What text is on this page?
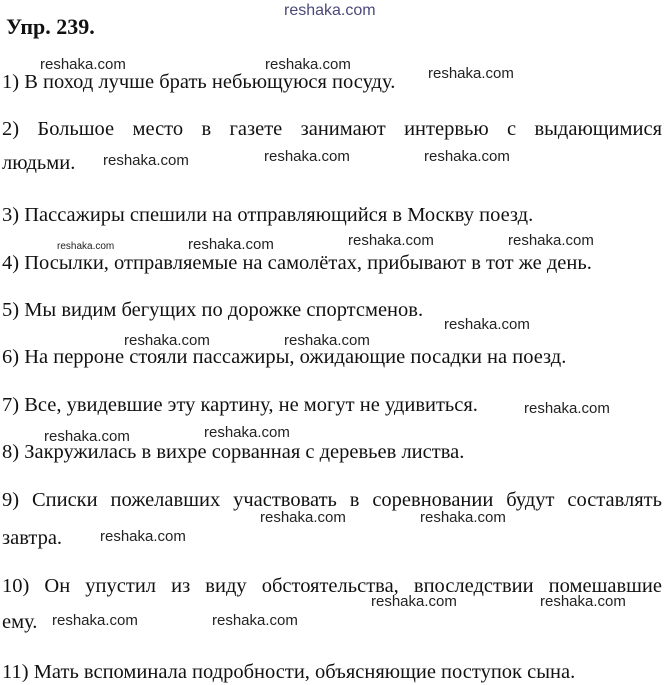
reshaka.com
Упр. 239.
reshaka.com	reshaka.com
reshaka.com
reshaka.com	reshaka.com	reshaka.com
reshaka.com	reshaka.com	reshaka.com	reshaka.com
reshaka.com
reshaka.com	reshaka.com
reshaka.com
reshaka.com	reshaka.com
reshaka.com	reshaka.com
reshaka.com
reshaka.com	reshaka.com
reshaka.com	reshaka.com

1) В поход лучше брать небьющуюся посуду.

2) Большое место в газете занимают интервью с выдающимися

людьми.

3) Пассажиры спешили на отправляющийся в Москву поезд.

4) Посылки, отправляемые на самолётах, прибывают в тот же день.

5) Мы видим бегущих по дорожке спортсменов.

6) На перроне стояли пассажиры, ожидающие посадки на поезд.

7) Все, увидевшие эту картину, не могут не удивиться.

8) Закружилась в вихре сорванная с деревьев листва.

9) Списки пожелавших участвовать в соревновании будут составлять

завтра.

10) Он упустил из виду обстоятельства, впоследствии помешавшие

ему.

11) Мать вспоминала подробности, объясняющие поступок сына.
